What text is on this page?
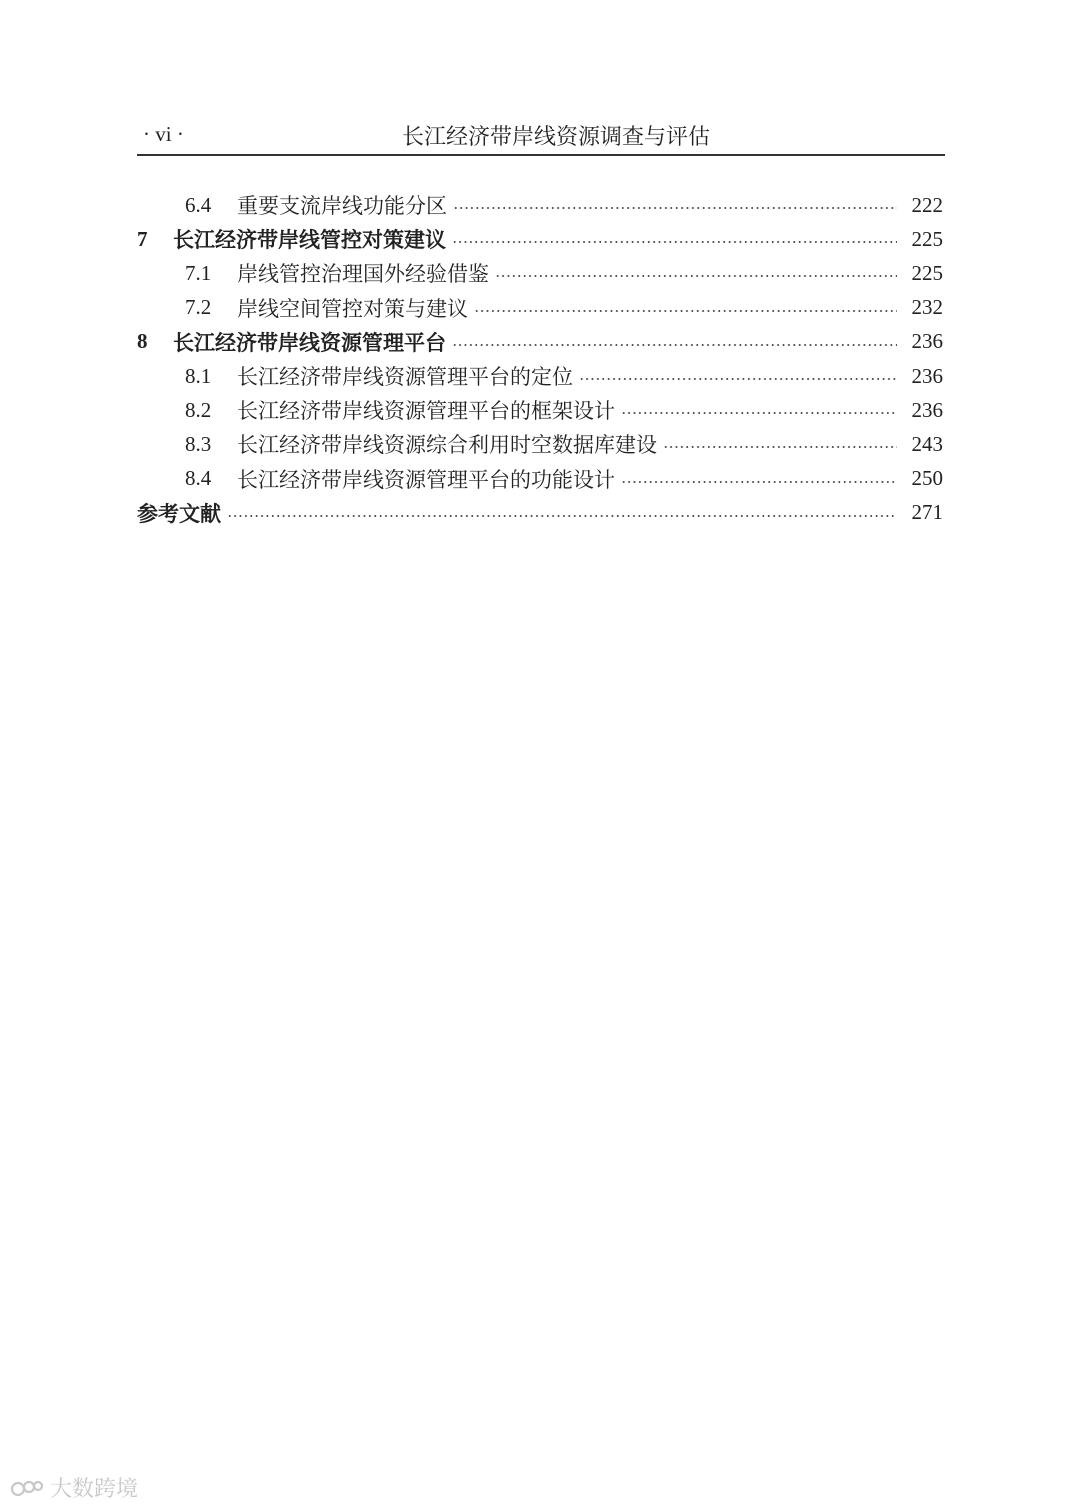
· vi ·	长江经济带岸线资源调查与评估
6.4	重要支流岸线功能分区	222
7	长江经济带岸线管控对策建议	225
7.1	岸线管控治理国外经验借鉴	225
7.2	岸线空间管控对策与建议	232
8	长江经济带岸线资源管理平台	236
8.1	长江经济带岸线资源管理平台的定位	236
8.2	长江经济带岸线资源管理平台的框架设计	236
8.3	长江经济带岸线资源综合利用时空数据库建设	243
8.4	长江经济带岸线资源管理平台的功能设计	250
参考文献	271
大数跨境
